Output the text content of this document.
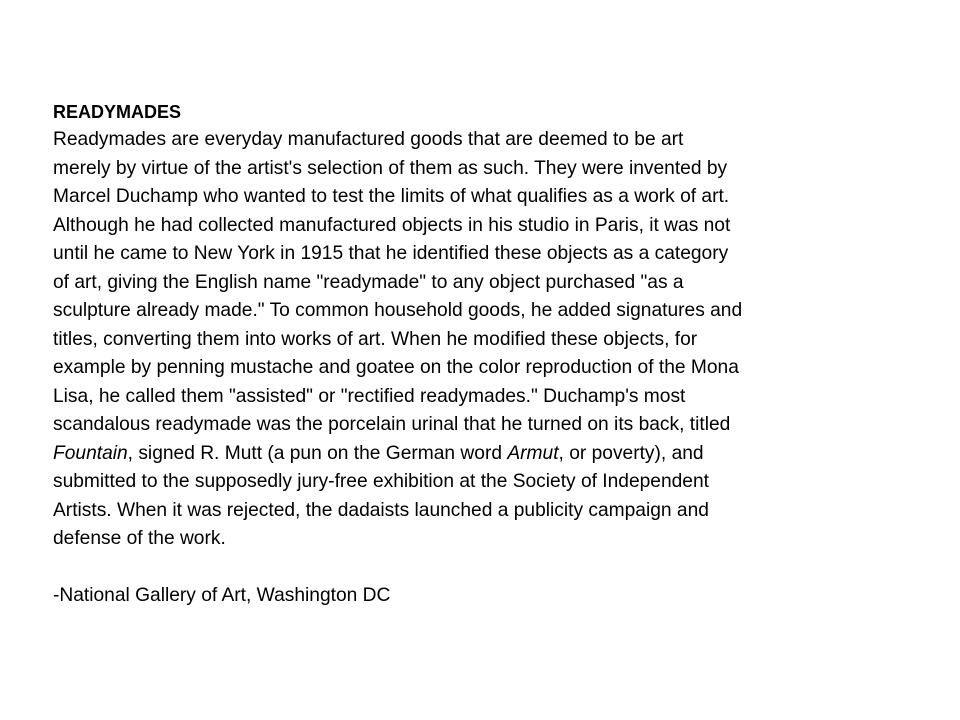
READYMADES

Readymades are everyday manufactured goods that are deemed to be art
merely by virtue of the artist's selection of them as such. They were invented by
Marcel Duchamp who wanted to test the limits of what qualifies as a work of art.
Although he had collected manufactured objects in his studio in Paris, it was not
until he came to New York in 1915 that he identified these objects as a category
of art, giving the English name "readymade" to any object purchased "as a
sculpture already made." To common household goods, he added signatures and
titles, converting them into works of art. When he modified these objects, for
example by penning mustache and goatee on the color reproduction of the Mona
Lisa, he called them "assisted" or "rectified readymades." Duchamp's most
scandalous readymade was the porcelain urinal that he turned on its back, titled
Fountain, signed R. Mutt (a pun on the German word Armut, or poverty), and
submitted to the supposedly jury-free exhibition at the Society of Independent
Artists. When it was rejected, the dadaists launched a publicity campaign and
defense of the work.

-National Gallery of Art, Washington DC
